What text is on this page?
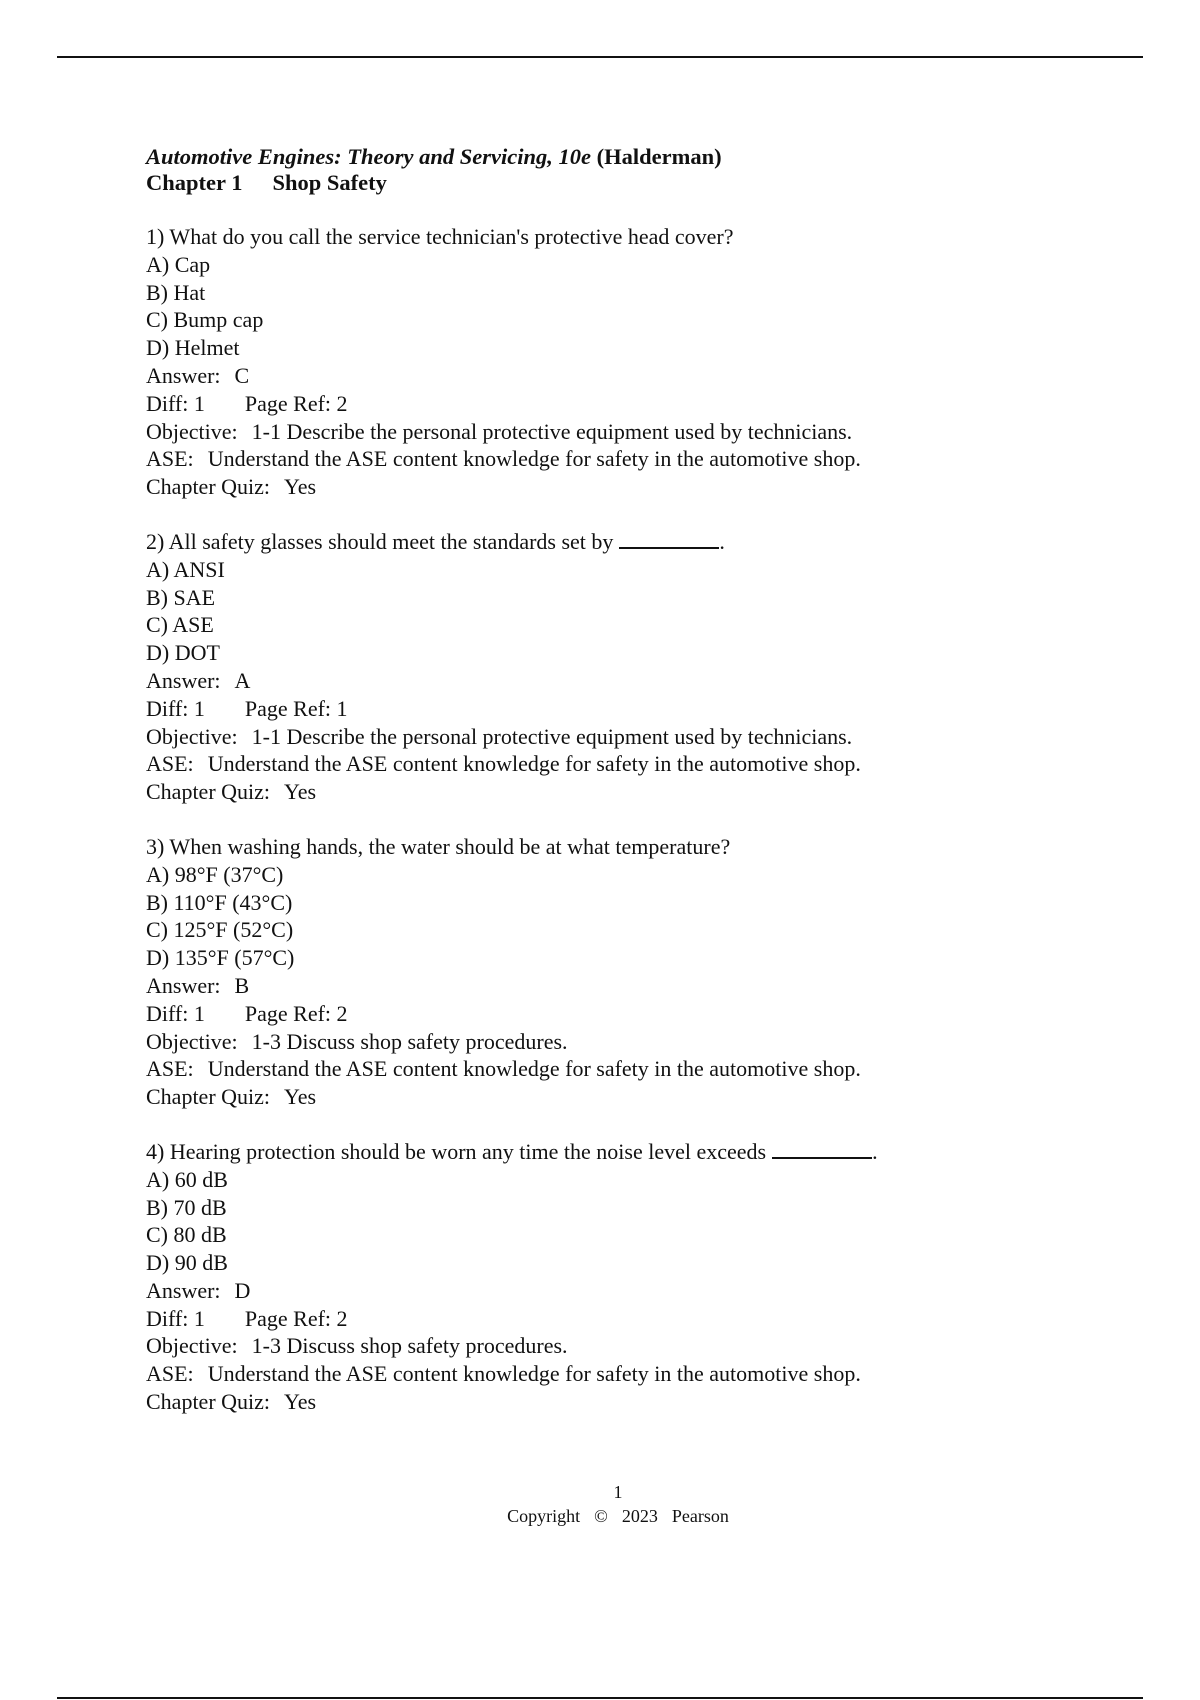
Automotive Engines: Theory and Servicing, 10e (Halderman)
Chapter 1 Shop Safety
1) What do you call the service technician's protective head cover?
A) Cap
B) Hat
C) Bump cap
D) Helmet
Answer: C
Diff: 1 Page Ref: 2
Objective: 1-1 Describe the personal protective equipment used by technicians.
ASE: Understand the ASE content knowledge for safety in the automotive shop.
Chapter Quiz: Yes
2) All safety glasses should meet the standards set by	.
A) ANSI
B) SAE
C) ASE
D) DOT
Answer: A
Diff: 1 Page Ref: 1
Objective: 1-1 Describe the personal protective equipment used by technicians.
ASE: Understand the ASE content knowledge for safety in the automotive shop.
Chapter Quiz: Yes
3) When washing hands, the water should be at what temperature?
A) 98°F (37°C)
B) 110°F (43°C)
C) 125°F (52°C)
D) 135°F (57°C)
Answer: B
Diff: 1 Page Ref: 2
Objective: 1-3 Discuss shop safety procedures.
ASE: Understand the ASE content knowledge for safety in the automotive shop.
Chapter Quiz: Yes
4) Hearing protection should be worn any time the noise level exceeds	.
A) 60 dB
B) 70 dB
C) 80 dB
D) 90 dB
Answer: D
Diff: 1 Page Ref: 2
Objective: 1-3 Discuss shop safety procedures.
ASE: Understand the ASE content knowledge for safety in the automotive shop.
Chapter Quiz: Yes
1
Copyright © 2023 Pearson
